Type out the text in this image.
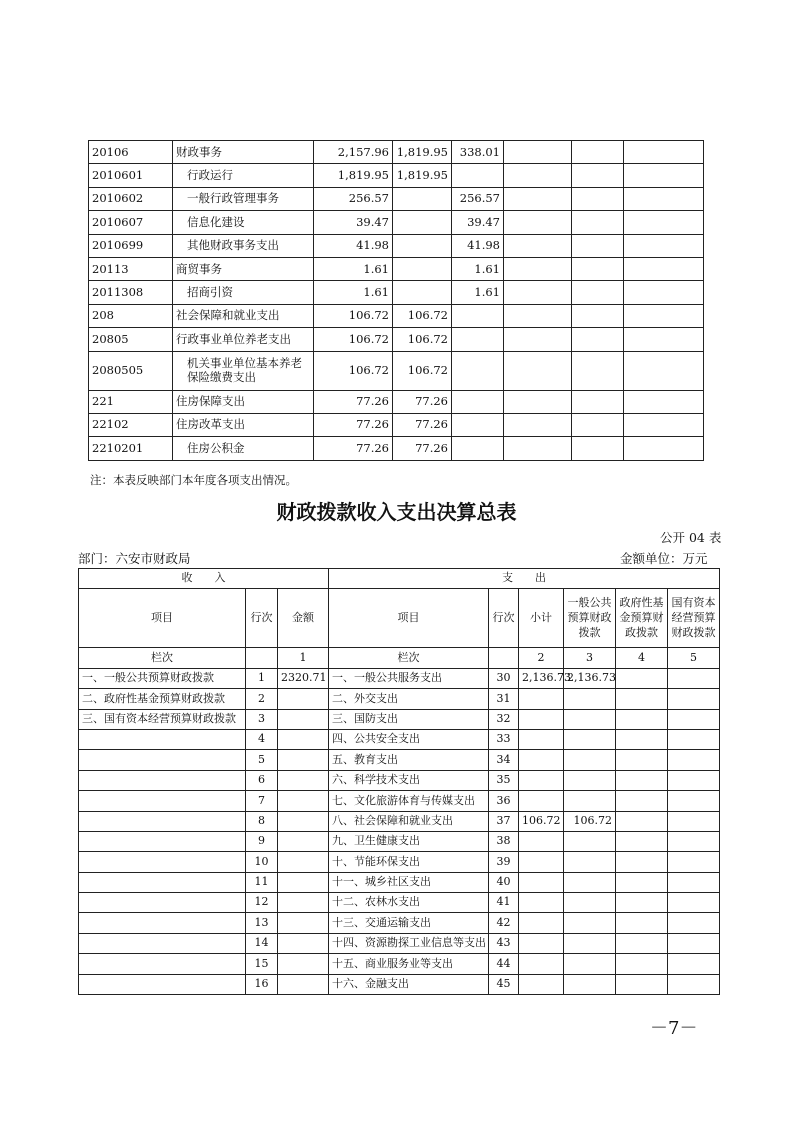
20106	财政事务	2,157.96	1,819.95	338.01			
2010601	行政运行	1,819.95	1,819.95				
2010602	一般行政管理事务	256.57		256.57			
2010607	信息化建设	39.47		39.47			
2010699	其他财政事务支出	41.98		41.98			
20113	商贸事务	1.61		1.61			
2011308	招商引资	1.61		1.61			
208	社会保障和就业支出	106.72	106.72				
20805	行政事业单位养老支出	106.72	106.72				
2080505	机关事业单位基本养老保险缴费支出	106.72	106.72				
221	住房保障支出	77.26	77.26				
22102	住房改革支出	77.26	77.26				
2210201	住房公积金	77.26	77.26				
注：本表反映部门本年度各项支出情况。
财政拨款收入支出决算总表
公开 04 表
部门：六安市财政局	金额单位：万元
收　　入			支　　出					
项目	行次	金额	项目	行次	小计	一般公共预算财政拨款	政府性基金预算财政拨款	国有资本经营预算财政拨款
栏次		1	栏次		2	3	4	5
一、一般公共预算财政拨款	1	2320.71	一、一般公共服务支出	30	2,136.73	2,136.73		
二、政府性基金预算财政拨款	2		二、外交支出	31				
三、国有资本经营预算财政拨款	3		三、国防支出	32				
	4		四、公共安全支出	33				
	5		五、教育支出	34				
	6		六、科学技术支出	35				
	7		七、文化旅游体育与传媒支出	36				
	8		八、社会保障和就业支出	37	106.72	106.72		
	9		九、卫生健康支出	38				
	10		十、节能环保支出	39				
	11		十一、城乡社区支出	40				
	12		十二、农林水支出	41				
	13		十三、交通运输支出	42				
	14		十四、资源勘探工业信息等支出	43				
	15		十五、商业服务业等支出	44				
	16		十六、金融支出	45				
－7－
